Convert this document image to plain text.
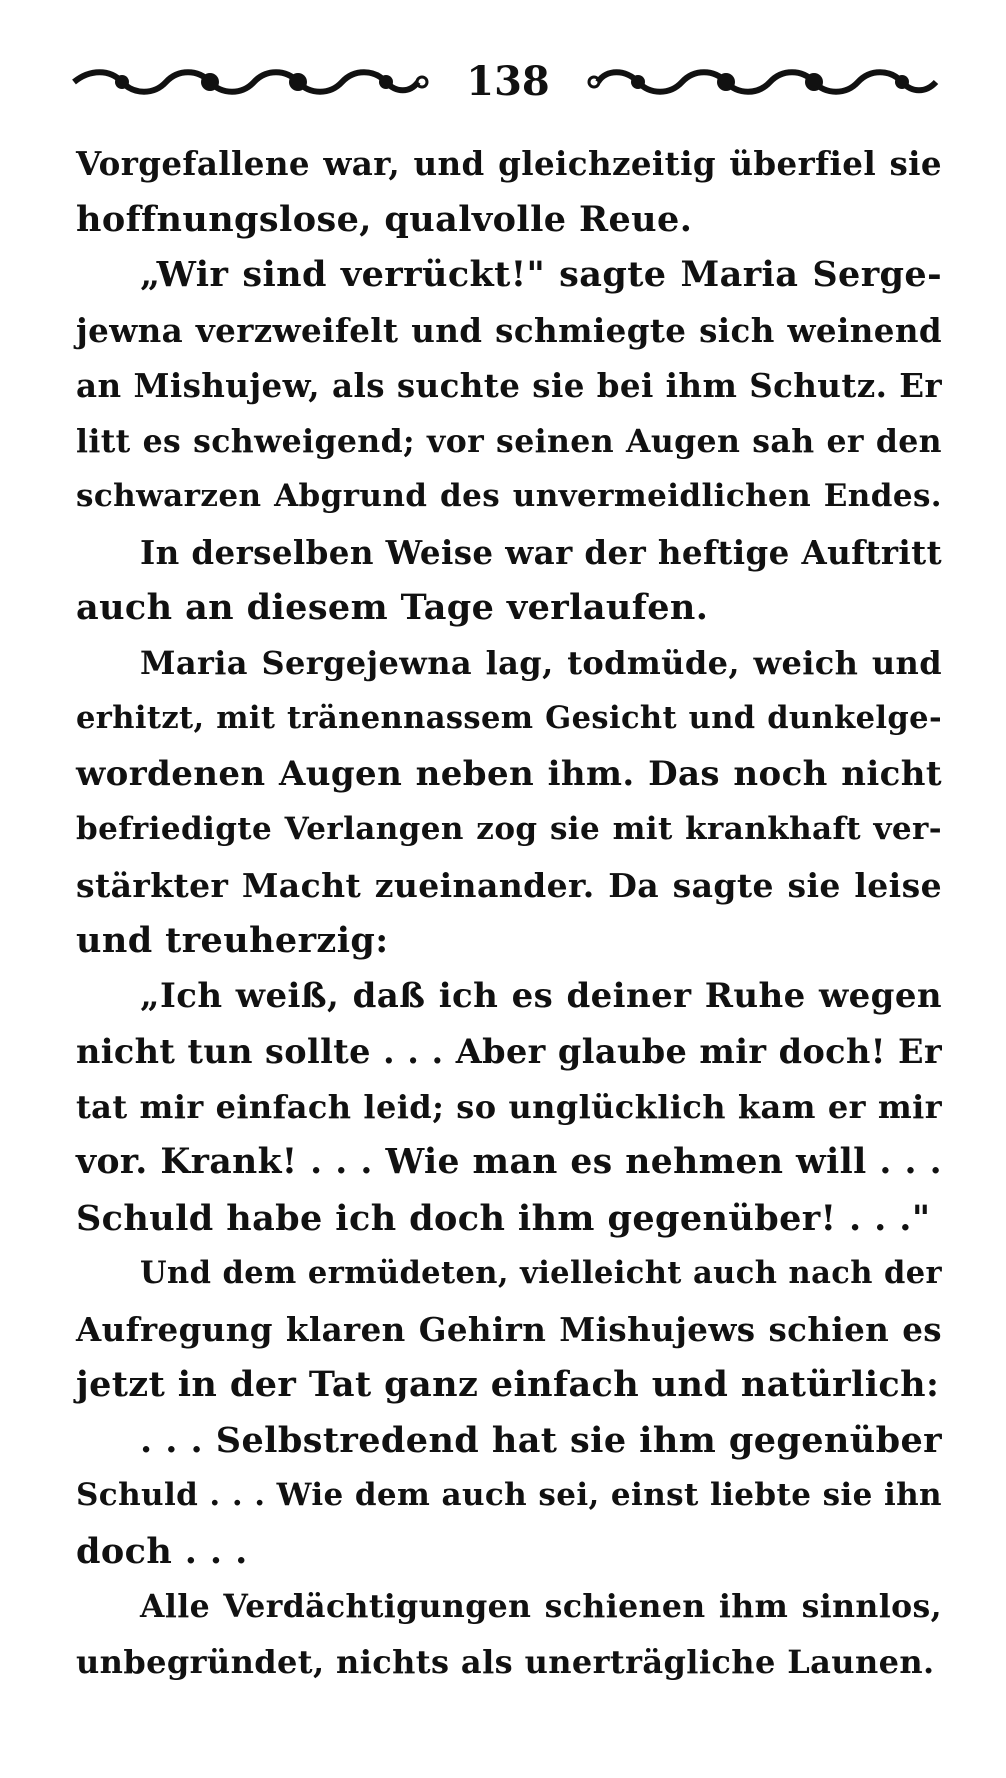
138
Vorgefallene war, und gleichzeitig überfiel sie
hoffnungslose, qualvolle Reue.
„Wir sind verrückt!" sagte Maria Serge-
jewna verzweifelt und schmiegte sich weinend
an Mishujew, als suchte sie bei ihm Schutz. Er
litt es schweigend; vor seinen Augen sah er den
schwarzen Abgrund des unvermeidlichen Endes.
In derselben Weise war der heftige Auftritt
auch an diesem Tage verlaufen.
Maria Sergejewna lag, todmüde, weich und
erhitzt, mit tränennassem Gesicht und dunkelge-
wordenen Augen neben ihm. Das noch nicht
befriedigte Verlangen zog sie mit krankhaft ver-
stärkter Macht zueinander. Da sagte sie leise
und treuherzig:
„Ich weiß, daß ich es deiner Ruhe wegen
nicht tun sollte . . . Aber glaube mir doch! Er
tat mir einfach leid; so unglücklich kam er mir
vor. Krank! . . . Wie man es nehmen will . . .
Schuld habe ich doch ihm gegenüber! . . ."
Und dem ermüdeten, vielleicht auch nach der
Aufregung klaren Gehirn Mishujews schien es
jetzt in der Tat ganz einfach und natürlich:
. . . Selbstredend hat sie ihm gegenüber
Schuld . . . Wie dem auch sei, einst liebte sie ihn
doch . . .
Alle Verdächtigungen schienen ihm sinnlos,
unbegründet, nichts als unerträgliche Launen.
